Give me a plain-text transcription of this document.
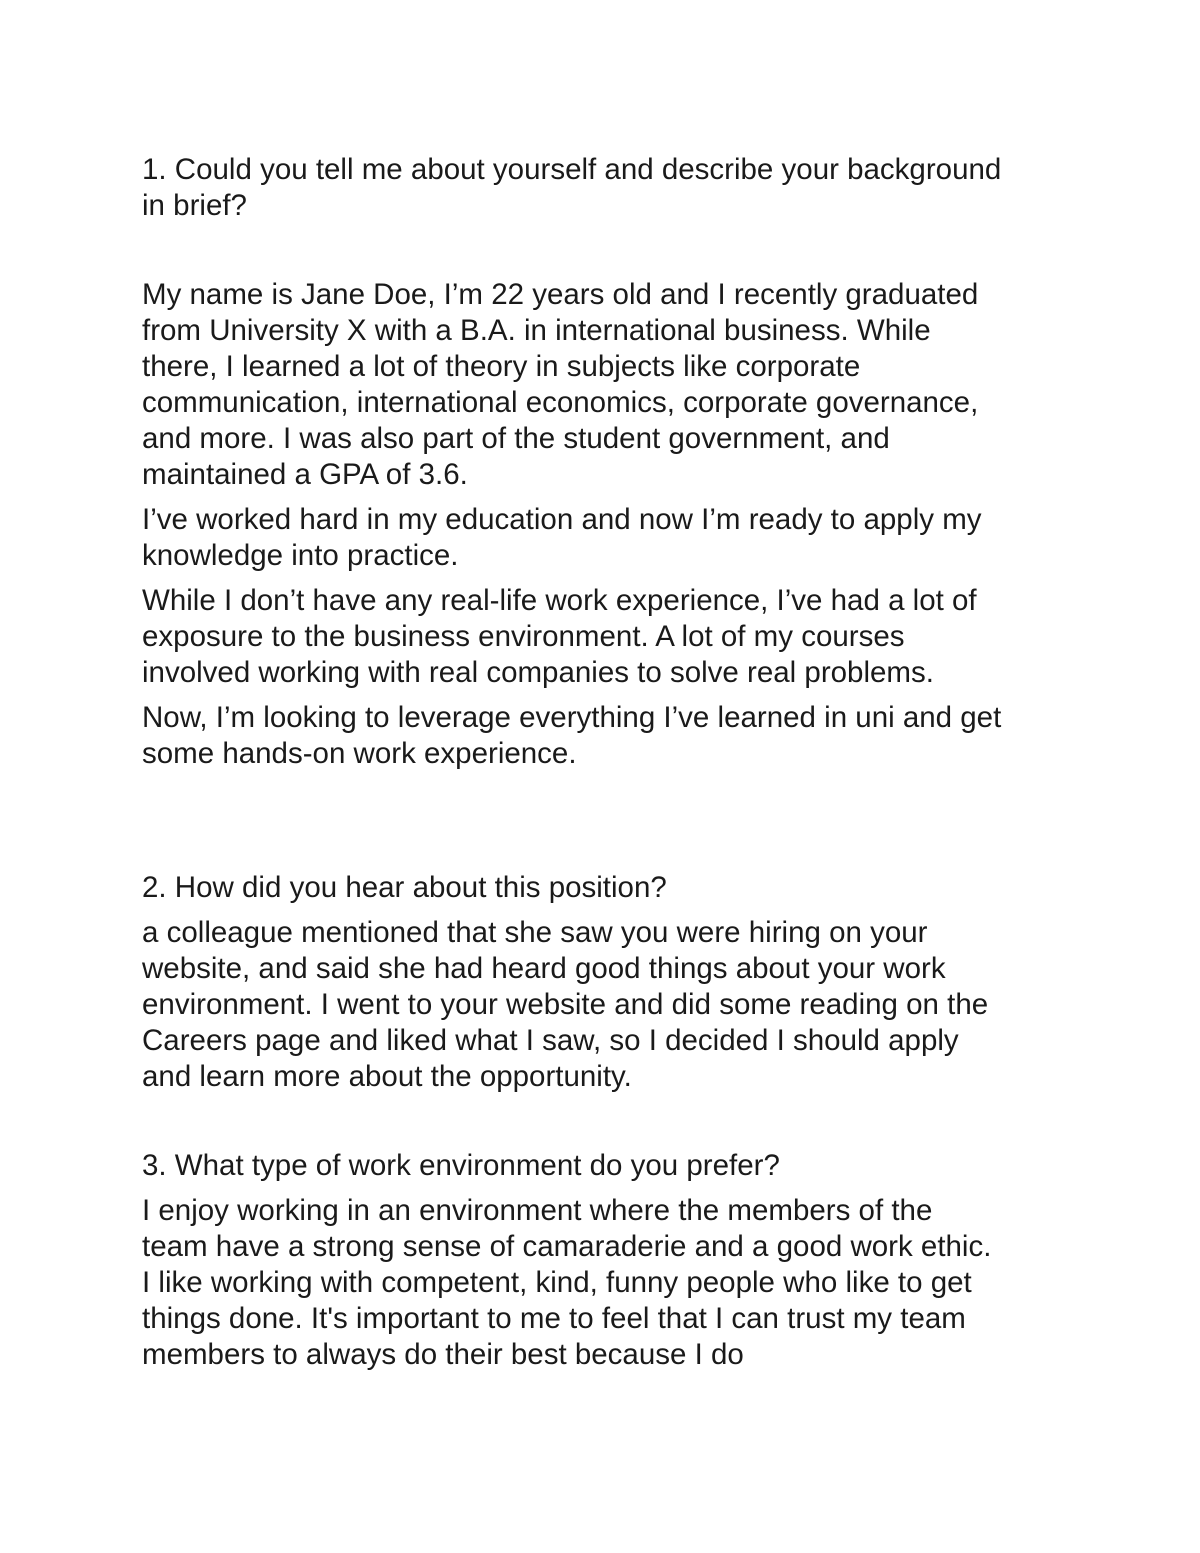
1. Could you tell me about yourself and describe your background
in brief?

My name is Jane Doe, I’m 22 years old and I recently graduated
from University X with a B.A. in international business. While
there, I learned a lot of theory in subjects like corporate
communication, international economics, corporate governance,
and more. I was also part of the student government, and
maintained a GPA of 3.6.

I’ve worked hard in my education and now I’m ready to apply my
knowledge into practice.

While I don’t have any real-life work experience, I’ve had a lot of
exposure to the business environment. A lot of my courses
involved working with real companies to solve real problems.

Now, I’m looking to leverage everything I’ve learned in uni and get
some hands-on work experience.

2. How did you hear about this position?

a colleague mentioned that she saw you were hiring on your
website, and said she had heard good things about your work
environment. I went to your website and did some reading on the
Careers page and liked what I saw, so I decided I should apply
and learn more about the opportunity.

3. What type of work environment do you prefer?

I enjoy working in an environment where the members of the
team have a strong sense of camaraderie and a good work ethic.
I like working with competent, kind, funny people who like to get
things done. It's important to me to feel that I can trust my team
members to always do their best because I do
